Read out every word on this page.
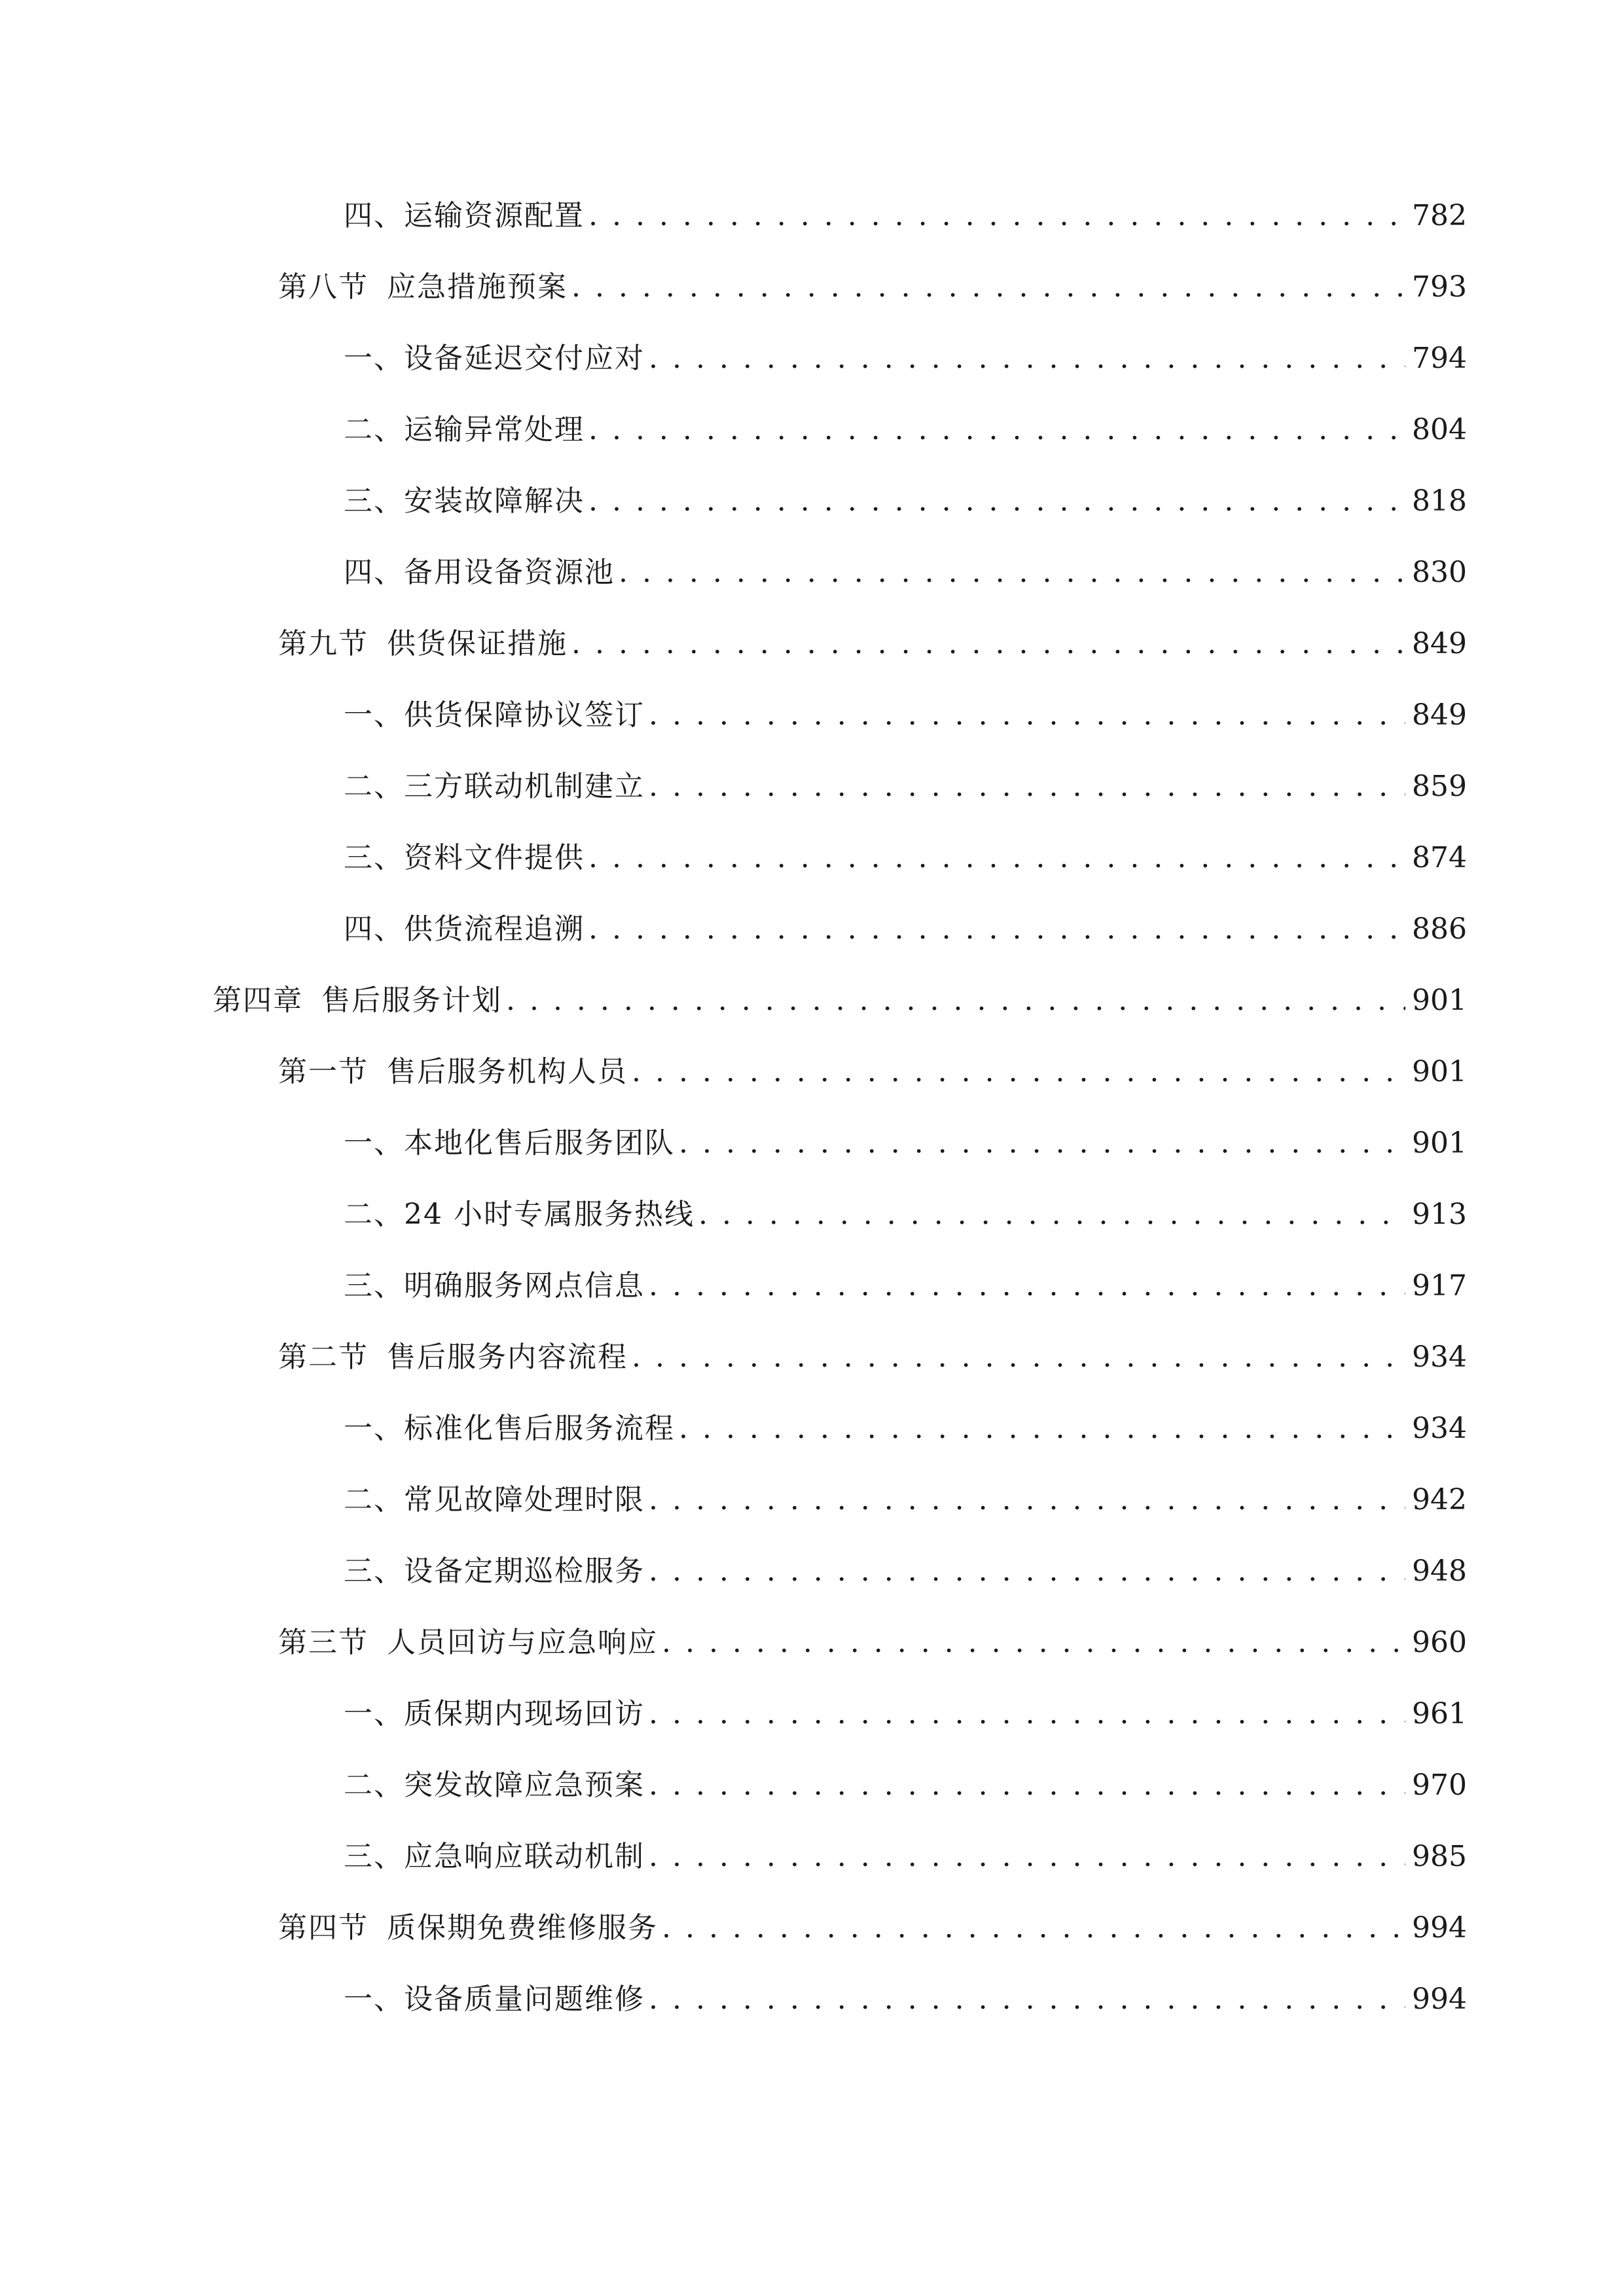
四、 运输资源配置 . . .	782
第八节 应急措施预案 . . .	793
一、 设备延迟交付应对 . . .	794
二、 运输异常处理 . . .	804
三、 安装故障解决 . . .	818
四、 备用设备资源池 . . .	830
第九节 供货保证措施 . . .	849
一、 供货保障协议签订 . . .	849
二、 三方联动机制建立 . . .	859
三、 资料文件提供 . . .	874
四、 供货流程追溯 . . .	886
第四章 售后服务计划 . . .	901
第一节 售后服务机构人员 . . .	901
一、 本地化售后服务团队 . . .	901
二、 24 小时专属服务热线 . . .	913
三、 明确服务网点信息 . . .	917
第二节 售后服务内容流程 . . .	934
一、 标准化售后服务流程 . . .	934
二、 常见故障处理时限 . . .	942
三、 设备定期巡检服务 . . .	948
第三节 人员回访与应急响应 . . .	960
一、 质保期内现场回访 . . .	961
二、 突发故障应急预案 . . .	970
三、 应急响应联动机制 . . .	985
第四节 质保期免费维修服务 . . .	994
一、 设备质量问题维修 . . .	994
